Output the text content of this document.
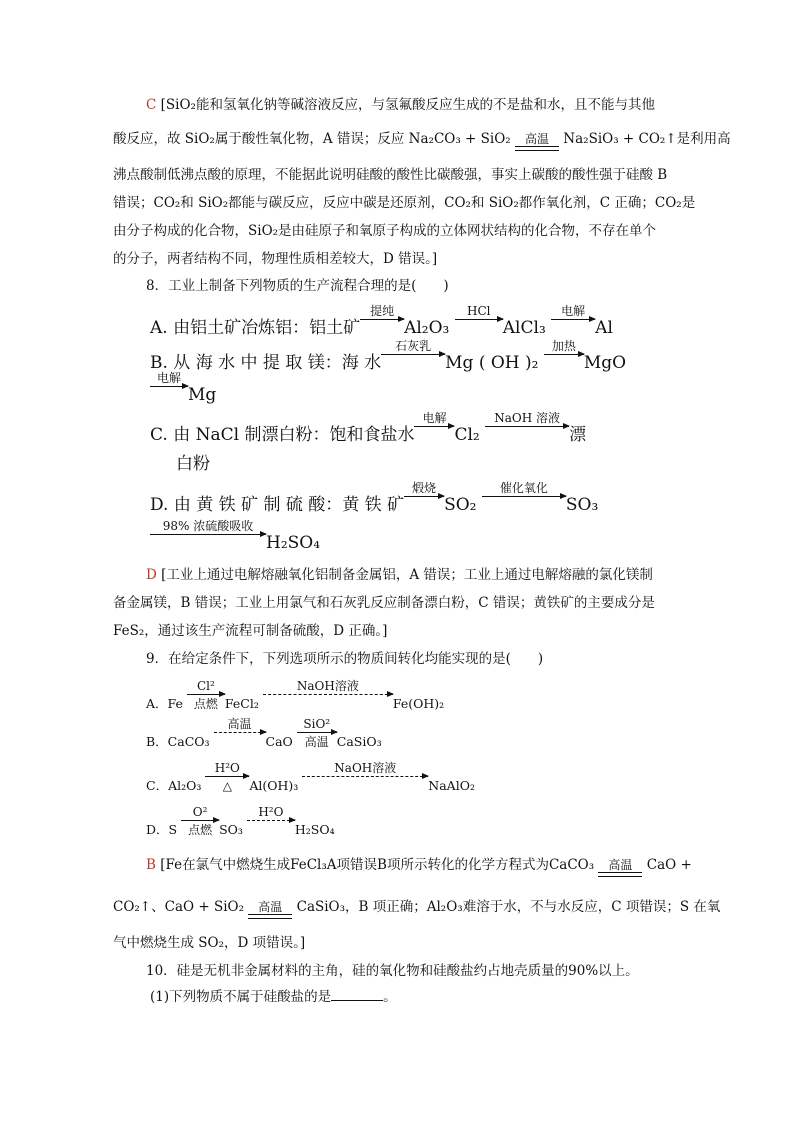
C [SiO₂能和氢氧化钠等碱溶液反应，与氢氟酸反应生成的不是盐和水，且不能与其他
酸反应，故 SiO₂属于酸性氧化物，A 错误；反应 Na₂CO₃ + SiO₂	高温	Na₂SiO₃ + CO₂↑是利用高
沸点酸制低沸点酸的原理，不能据此说明硅酸的酸性比碳酸强，事实上碳酸的酸性强于硅酸 B
错误；CO₂和 SiO₂都能与碳反应，反应中碳是还原剂，CO₂和 SiO₂都作氧化剂，C 正确；CO₂是
由分子构成的化合物，SiO₂是由硅原子和氧原子构成的立体网状结构的化合物，不存在单个
的分子，两者结构不同，物理性质相差较大，D 错误。]
8．工业上制备下列物质的生产流程合理的是(　　)
A. 由铝土矿冶炼铝：铝土矿
提纯

Al₂O₃
HCl

AlCl₃
电解

Al
B. 从 海 水 中 提 取 镁：海 水
石灰乳

Mg ( OH )₂
加热

MgO
电解

Mg
C. 由 NaCl 制漂白粉：饱和食盐水
电解

Cl₂
NaOH 溶液

漂
白粉
D. 由 黄 铁 矿 制 硫 酸：黄 铁 矿
煅烧

SO₂
催化氧化

SO₃
98% 浓硫酸吸收

H₂SO₄
D [工业上通过电解熔融氧化铝制备金属铝，A 错误；工业上通过电解熔融的氯化镁制
备金属镁，B 错误；工业上用氯气和石灰乳反应制备漂白粉，C 错误；黄铁矿的主要成分是
FeS₂，通过该生产流程可制备硫酸，D 正确。]
9．在给定条件下，下列选项所示的物质间转化均能实现的是(　　)
A．Fe
Cl²
点燃 FeCl₂
NaOH溶液

Fe(OH)₂
B．CaCO₃
高温

CaO
SiO²
高温 CaSiO₃
C．Al₂O₃
H²O
△	Al(OH)₃
NaOH溶液

NaAlO₂
D．S
O²
点燃 SO₃
H²O

H₂SO₄
B [Fe在氯气中燃烧生成FeCl₃A项错误B项所示转化的化学方程式为CaCO₃	高温	CaO +
CO₂↑、CaO + SiO₂	高温	CaSiO₃，B 项正确；Al₂O₃难溶于水，不与水反应，C 项错误；S 在氧
气中燃烧生成 SO₂，D 项错误。]
10．硅是无机非金属材料的主角，硅的氧化物和硅酸盐约占地壳质量的90%以上。
(1)下列物质不属于硅酸盐的是	。
